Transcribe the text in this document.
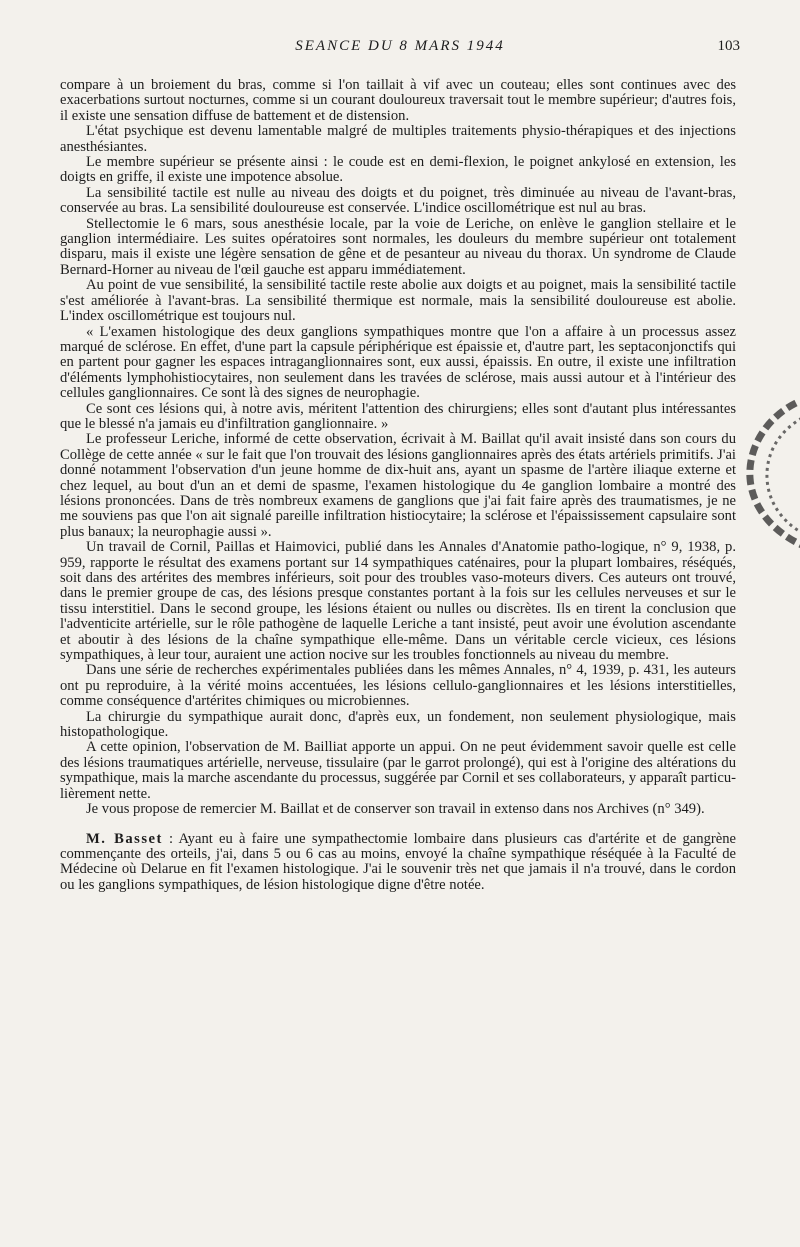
SEANCE DU 8 MARS 1944	103

compare à un broiement du bras, comme si l'on taillait à vif avec un couteau; elles sont continues avec des exacerbations surtout nocturnes, comme si un courant douloureux traversait tout le membre supérieur; d'autres fois, il existe une sensation diffuse de battement et de distension.

L'état psychique est devenu lamentable malgré de multiples traitements physio-thérapiques et des injections anesthésiantes.

Le membre supérieur se présente ainsi : le coude est en demi-flexion, le poignet ankylosé en extension, les doigts en griffe, il existe une impotence absolue.

La sensibilité tactile est nulle au niveau des doigts et du poignet, très diminuée au niveau de l'avant-bras, conservée au bras. La sensibilité douloureuse est conservée. L'indice oscillométrique est nul au bras.

Stellectomie le 6 mars, sous anesthésie locale, par la voie de Leriche, on enlève le ganglion stellaire et le ganglion intermédiaire. Les suites opératoires sont normales, les douleurs du membre supérieur ont totalement disparu, mais il existe une légère sensation de gêne et de pesanteur au niveau du thorax. Un syndrome de Claude Bernard-Horner au niveau de l'œil gauche est apparu immédiatement.

Au point de vue sensibilité, la sensibilité tactile reste abolie aux doigts et au poignet, mais la sensibilité tactile s'est améliorée à l'avant-bras. La sensibilité thermique est normale, mais la sensibilité douloureuse est abolie. L'index oscillométrique est toujours nul.

« L'examen histologique des deux ganglions sympathiques montre que l'on a affaire à un processus assez marqué de sclérose. En effet, d'une part la capsule périphérique est épaissie et, d'autre part, les septaconjonctifs qui en partent pour gagner les espaces intraganglionnaires sont, eux aussi, épaissis. En outre, il existe une infiltration d'éléments lymphohistiocytaires, non seulement dans les travées de sclérose, mais aussi autour et à l'intérieur des cellules ganglionnaires. Ce sont là des signes de neurophagie.

Ce sont ces lésions qui, à notre avis, méritent l'attention des chirurgiens; elles sont d'autant plus intéressantes que le blessé n'a jamais eu d'infiltration ganglionnaire. »

Le professeur Leriche, informé de cette observation, écrivait à M. Baillat qu'il avait insisté dans son cours du Collège de cette année « sur le fait que l'on trouvait des lésions ganglionnaires après des états artériels primitifs. J'ai donné notamment l'observation d'un jeune homme de dix-huit ans, ayant un spasme de l'artère iliaque externe et chez lequel, au bout d'un an et demi de spasme, l'examen histologique du 4e ganglion lombaire a montré des lésions prononcées. Dans de très nombreux examens de ganglions que j'ai fait faire après des traumatismes, je ne me souviens pas que l'on ait signalé pareille infiltration histiocytaire; la sclérose et l'épaississement capsulaire sont plus banaux; la neurophagie aussi ».

Un travail de Cornil, Paillas et Haimovici, publié dans les Annales d'Anatomie patho-logique, n° 9, 1938, p. 959, rapporte le résultat des examens portant sur 14 sympathiques caténaires, pour la plupart lombaires, réséqués, soit dans des artérites des membres inférieurs, soit pour des troubles vaso-moteurs divers. Ces auteurs ont trouvé, dans le premier groupe de cas, des lésions presque constantes portant à la fois sur les cellules nerveuses et sur le tissu interstitiel. Dans le second groupe, les lésions étaient ou nulles ou discrètes. Ils en tirent la conclusion que l'adventicite artérielle, sur le rôle pathogène de laquelle Leriche a tant insisté, peut avoir une évolution ascendante et aboutir à des lésions de la chaîne sympathique elle-même. Dans un véritable cercle vicieux, ces lésions sympathiques, à leur tour, auraient une action nocive sur les troubles fonctionnels au niveau du membre.

Dans une série de recherches expérimentales publiées dans les mêmes Annales, n° 4, 1939, p. 431, les auteurs ont pu reproduire, à la vérité moins accentuées, les lésions cellulo-ganglionnaires et les lésions interstitielles, comme conséquence d'artérites chimiques ou microbiennes.

La chirurgie du sympathique aurait donc, d'après eux, un fondement, non seulement physiologique, mais histopathologique.

A cette opinion, l'observation de M. Bailliat apporte un appui. On ne peut évidemment savoir quelle est celle des lésions traumatiques artérielle, nerveuse, tissulaire (par le garrot prolongé), qui est à l'origine des altérations du sympathique, mais la marche ascendante du processus, suggérée par Cornil et ses collaborateurs, y apparaît particu-lièrement nette.

Je vous propose de remercier M. Baillat et de conserver son travail in extenso dans nos Archives (n° 349).

M. Basset : Ayant eu à faire une sympathectomie lombaire dans plusieurs cas d'artérite et de gangrène commençante des orteils, j'ai, dans 5 ou 6 cas au moins, envoyé la chaîne sympathique réséquée à la Faculté de Médecine où Delarue en fit l'examen histologique. J'ai le souvenir très net que jamais il n'a trouvé, dans le cordon ou les ganglions sympathiques, de lésion histologique digne d'être notée.
